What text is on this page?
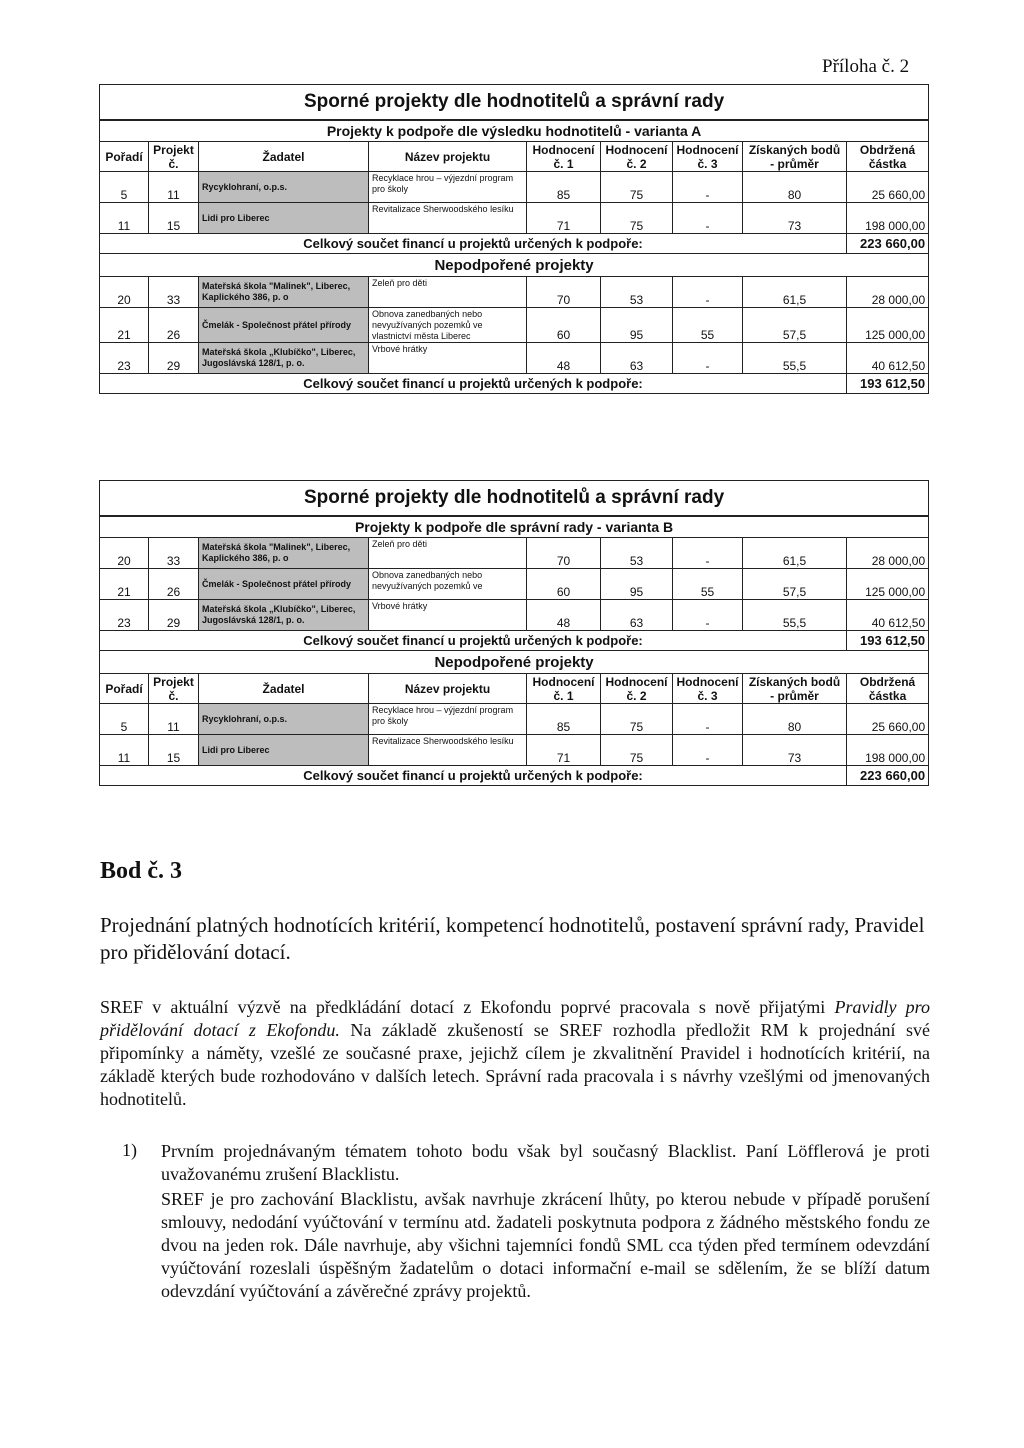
Příloha č. 2
Sporné projekty dle hodnotitelů a správní rady								
Projekty k podpoře dle výsledku hodnotitelů - varianta A								
Pořadí	Projekt č.	Žadatel	Název projektu	Hodnocení č. 1	Hodnocení č. 2	Hodnocení č. 3	Získaných bodů - průměr	Obdržená částka
5	11	Rycyklohraní, o.p.s.	Recyklace hrou – výjezdní program pro školy	85	75	-	80	25 660,00
11	15	Lidi pro Liberec	Revitalizace Sherwoodského lesíku	71	75	-	73	198 000,00
Celkový součet financí u projektů určených k podpoře:								223 660,00
Nepodpořené projekty								
20	33	Mateřská škola "Malinek", Liberec, Kaplického 386, p. o	Zeleň pro děti	70	53	-	61,5	28 000,00
21	26	Čmelák - Společnost přátel přírody	Obnova zanedbaných nebo nevyužívaných pozemků ve vlastnictví města Liberec	60	95	55	57,5	125 000,00
23	29	Mateřská škola „Klubíčko", Liberec, Jugoslávská 128/1, p. o.	Vrbové hrátky	48	63	-	55,5	40 612,50
Celkový součet financí u projektů určených k podpoře:								193 612,50
Sporné projekty dle hodnotitelů a správní rady								
Projekty k podpoře dle správní rady - varianta B								
20	33	Mateřská škola "Malinek", Liberec, Kaplického 386, p. o	Zeleň pro děti	70	53	-	61,5	28 000,00
21	26	Čmelák - Společnost přátel přírody	Obnova zanedbaných nebo nevyužívaných pozemků ve	60	95	55	57,5	125 000,00
23	29	Mateřská škola „Klubíčko", Liberec, Jugoslávská 128/1, p. o.	Vrbové hrátky	48	63	-	55,5	40 612,50
Celkový součet financí u projektů určených k podpoře:								193 612,50
Nepodpořené projekty								
Pořadí	Projekt č.	Žadatel	Název projektu	Hodnocení č. 1	Hodnocení č. 2	Hodnocení č. 3	Získaných bodů - průměr	Obdržená částka
5	11	Rycyklohraní, o.p.s.	Recyklace hrou – výjezdní program pro školy	85	75	-	80	25 660,00
11	15	Lidi pro Liberec	Revitalizace Sherwoodského lesíku	71	75	-	73	198 000,00
Celkový součet financí u projektů určených k podpoře:								223 660,00
Bod č. 3
Projednání platných hodnotících kritérií, kompetencí hodnotitelů, postavení správní rady, Pravidel pro přidělování dotací.
SREF v aktuální výzvě na předkládání dotací z Ekofondu poprvé pracovala s nově přijatými Pravidly pro přidělování dotací z Ekofondu. Na základě zkušeností se SREF rozhodla předložit RM k projednání své připomínky a náměty, vzešlé ze současné praxe, jejichž cílem je zkvalitnění Pravidel i hodnotících kritérií, na základě kterých bude rozhodováno v dalších letech. Správní rada pracovala i s návrhy vzešlými od jmenovaných hodnotitelů.
1) Prvním projednávaným tématem tohoto bodu však byl současný Blacklist. Paní Löfflerová je proti uvažovanému zrušení Blacklistu.
SREF je pro zachování Blacklistu, avšak navrhuje zkrácení lhůty, po kterou nebude v případě porušení smlouvy, nedodání vyúčtování v termínu atd. žadateli poskytnuta podpora z žádného městského fondu ze dvou na jeden rok. Dále navrhuje, aby všichni tajemníci fondů SML cca týden před termínem odevzdání vyúčtování rozeslali úspěšným žadatelům o dotaci informační e-mail se sdělením, že se blíží datum odevzdání vyúčtování a závěrečné zprávy projektů.
